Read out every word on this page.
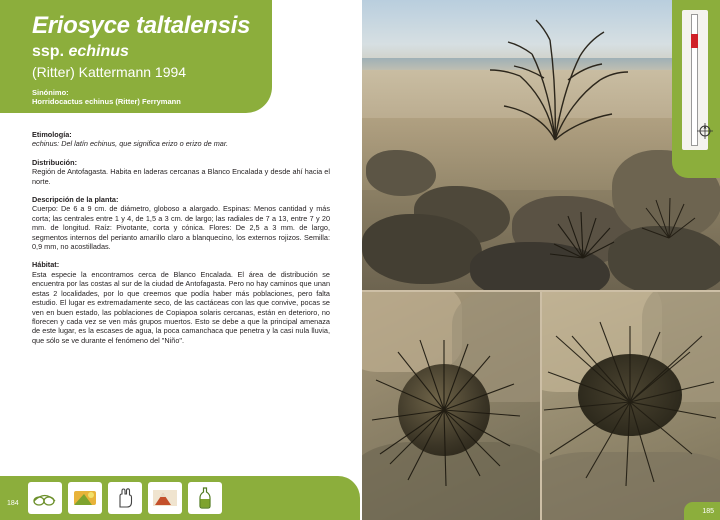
Eriosyce taltalensis
ssp. echinus
(Ritter) Kattermann 1994
Sinónimo:
Horridocactus echinus (Ritter) Ferrymann
Etimología:

echinus: Del latín echinus, que significa erizo o erizo de mar.

Distribución:

Región de Antofagasta. Habita en laderas cercanas a Blanco Encalada y desde ahí hacia el norte.

Descripción de la planta:

Cuerpo: De 6 a 9 cm. de diámetro, globoso a alargado. Espinas: Menos cantidad y más corta; las centrales entre 1 y 4, de 1,5 a 3 cm. de largo; las radiales de 7 a 13, entre 7 y 20 mm. de longitud. Raíz: Pivotante, corta y cónica. Flores: De 2,5 a 3 mm. de largo, segmentos internos del perianto amarillo claro a blanquecino, los externos rojizos. Semilla: 0,9 mm, no acostilladas.

Hábitat:

Esta especie la encontramos cerca de Blanco Encalada. El área de distribución se encuentra por las costas al sur de la ciudad de Antofagasta. Pero no hay caminos que unan estas 2 localidades, por lo que creemos que podía haber más poblaciones, pero falta estudio. El lugar es extremadamente seco, de las cactáceas con las que convive, pocas se ven en buen estado, las poblaciones de Copiapoa solaris cercanas, están en deterioro, no florecen y cada vez se ven más grupos muertos. Esto se debe a que la principal amenaza de este lugar, es la escases de agua, la poca camanchaca que penetra y la casi nula lluvia, que sólo se ve durante el fenómeno del "Niño".

184
185
